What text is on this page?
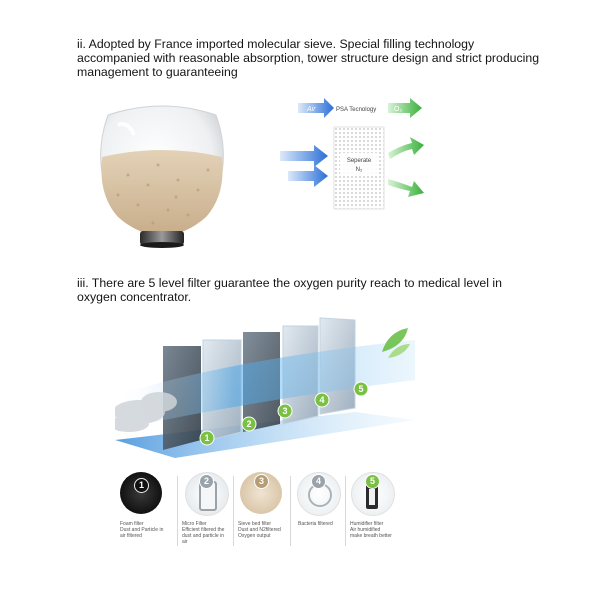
ii. Adopted by France imported molecular sieve. Special filling technology
accompanied with reasonable absorption, tower structure design and strict producing
management to guaranteeing
Air	PSA Tecnology	O₂
Seperate
N₂
iii. There are 5 level filter guarantee the oxygen purity reach to medical level in
oxygen concentrator.
1
2
3
4
5
1	2	3	4	5
Foam filter
Dust and Particle in
air filtered
Micro Filter
Efficient filtered the
dust and particle in
air
Sieve bed filter
Dust and N2filtered
Oxygen output
Bacteria filtered	Humidifier filter
Air humidified
make breath better
